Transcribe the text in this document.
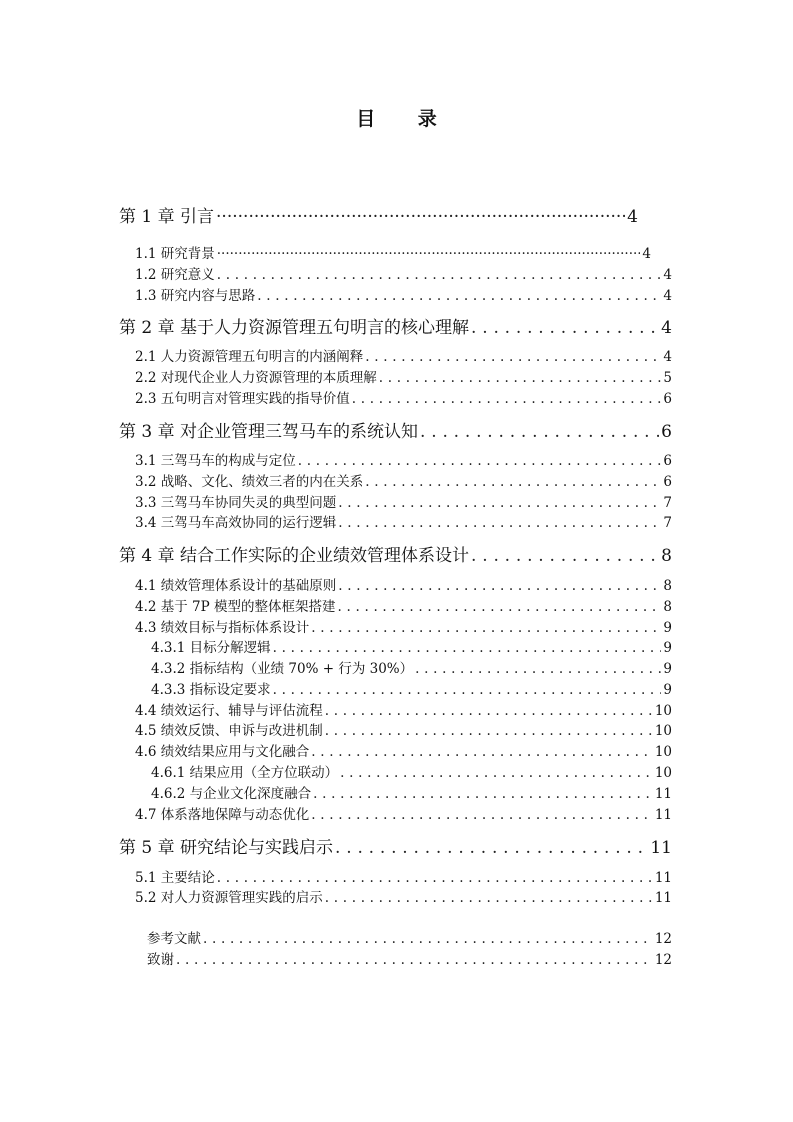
目 录
第 1 章 引言 ·····	4
1.1 研究背景 ·····	4
1.2 研究意义 . . .	4
1.3 研究内容与思路 . . .	4
第 2 章 基于人力资源管理五句明言的核心理解 . . .	4
2.1 人力资源管理五句明言的内涵阐释 . . .	4
2.2 对现代企业人力资源管理的本质理解 . . .	5
2.3 五句明言对管理实践的指导价值 . . .	6
第 3 章 对企业管理三驾马车的系统认知 . . .	6
3.1 三驾马车的构成与定位 . . .	6
3.2 战略、文化、绩效三者的内在关系 . . .	6
3.3 三驾马车协同失灵的典型问题 . . .	7
3.4 三驾马车高效协同的运行逻辑 . . .	7
第 4 章 结合工作实际的企业绩效管理体系设计 . . .	8
4.1 绩效管理体系设计的基础原则 . . .	8
4.2 基于 7P 模型的整体框架搭建 . . .	8
4.3 绩效目标与指标体系设计 . . .	9
4.3.1 目标分解逻辑 . . .	9
4.3.2 指标结构（业绩 70% + 行为 30%） . . .	9
4.3.3 指标设定要求 . . .	9
4.4 绩效运行、辅导与评估流程 . . .	10
4.5 绩效反馈、申诉与改进机制 . . .	10
4.6 绩效结果应用与文化融合 . . .	10
4.6.1 结果应用（全方位联动） . . .	10
4.6.2 与企业文化深度融合 . . .	11
4.7 体系落地保障与动态优化 . . .	11
第 5 章 研究结论与实践启示 . . .	11
5.1 主要结论 . . .	11
5.2 对人力资源管理实践的启示 . . .	11
参考文献 . . .	12
致谢 . . .	12
